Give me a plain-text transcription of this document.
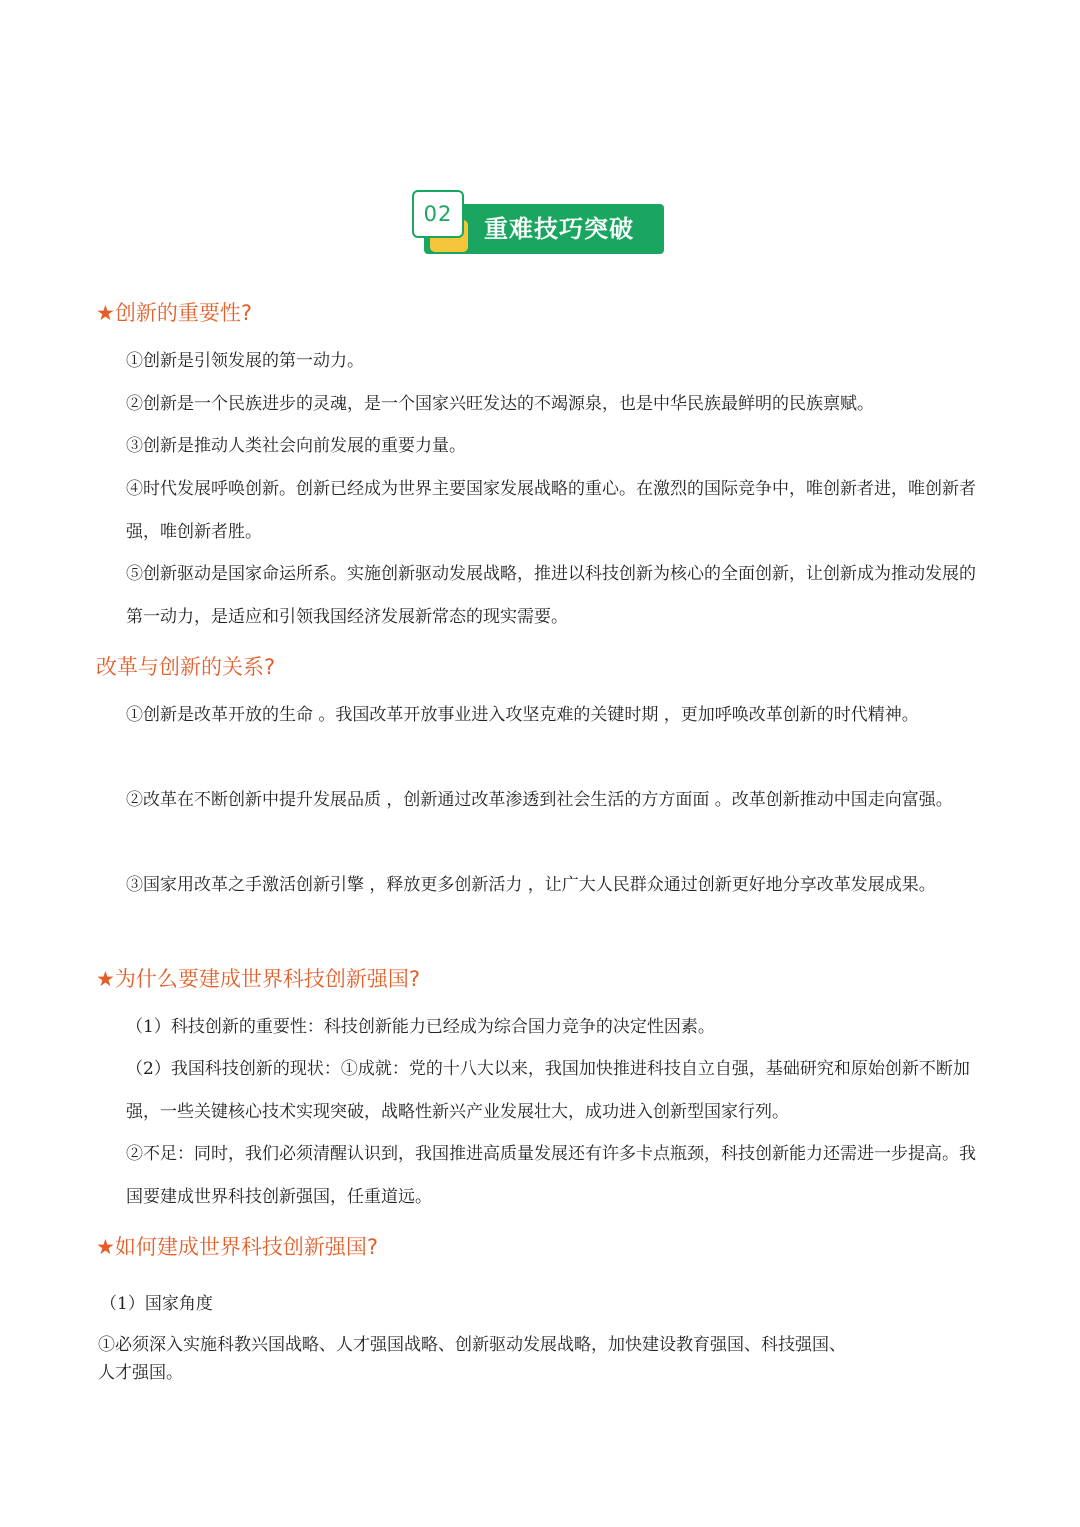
02
重难技巧突破
★创新的重要性?
①创新是引领发展的第一动力。
②创新是一个民族进步的灵魂，是一个国家兴旺发达的不竭源泉，也是中华民族最鲜明的民族禀赋。
③创新是推动人类社会向前发展的重要力量。
④时代发展呼唤创新。创新已经成为世界主要国家发展战略的重心。在激烈的国际竞争中，唯创新者进，唯创新者强，唯创新者胜。
⑤创新驱动是国家命运所系。实施创新驱动发展战略，推进以科技创新为核心的全面创新，让创新成为推动发展的第一动力，是适应和引领我国经济发展新常态的现实需要。
改革与创新的关系?
①创新是改革开放的生命 。我国改革开放事业进入攻坚克难的关键时期 ，更加呼唤改革创新的时代精神。
②改革在不断创新中提升发展品质 ，创新通过改革渗透到社会生活的方方面面 。改革创新推动中国走向富强。
③国家用改革之手激活创新引擎 ，释放更多创新活力 ，让广大人民群众通过创新更好地分享改革发展成果。
★为什么要建成世界科技创新强国?
（1）科技创新的重要性：科技创新能力已经成为综合国力竞争的决定性因素。
（2）我国科技创新的现状：①成就：党的十八大以来，我国加快推进科技自立自强，基础研究和原始创新不断加强，一些关键核心技术实现突破，战略性新兴产业发展壮大，成功进入创新型国家行列。
②不足：同时，我们必须清醒认识到，我国推进高质量发展还有许多卡点瓶颈，科技创新能力还需进一步提高。我国要建成世界科技创新强国，任重道远。
★如何建成世界科技创新强国?
（1）国家角度
①必须深入实施科教兴国战略、人才强国战略、创新驱动发展战略，加快建设教育强国、科技强国、人才强国。
